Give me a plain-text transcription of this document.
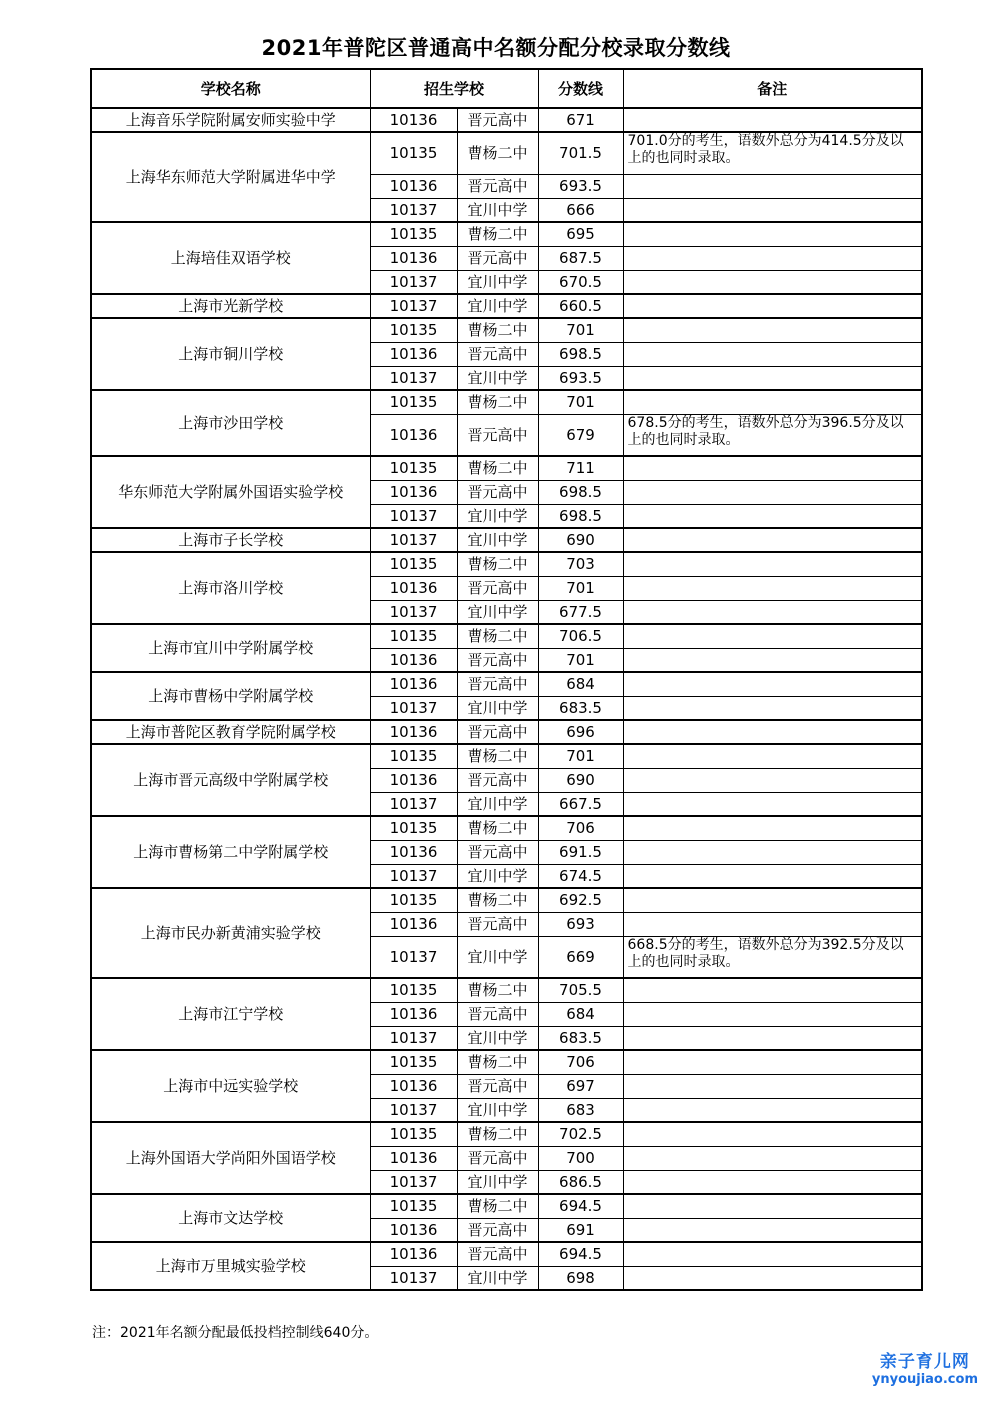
2021年普陀区普通高中名额分配分校录取分数线
学校名称	招生学校		分数线	备注
上海音乐学院附属安师实验中学	10136	晋元高中	671	
上海华东师范大学附属进华中学	10135	曹杨二中	701.5	701.0分的考生，语数外总分为414.5分及以上的也同时录取。
	10136	晋元高中	693.5	
	10137	宜川中学	666	
上海培佳双语学校	10135	曹杨二中	695	
	10136	晋元高中	687.5	
	10137	宜川中学	670.5	
上海市光新学校	10137	宜川中学	660.5	
上海市铜川学校	10135	曹杨二中	701	
	10136	晋元高中	698.5	
	10137	宜川中学	693.5	
上海市沙田学校	10135	曹杨二中	701	
	10136	晋元高中	679	678.5分的考生，语数外总分为396.5分及以上的也同时录取。
华东师范大学附属外国语实验学校	10135	曹杨二中	711	
	10136	晋元高中	698.5	
	10137	宜川中学	698.5	
上海市子长学校	10137	宜川中学	690	
上海市洛川学校	10135	曹杨二中	703	
	10136	晋元高中	701	
	10137	宜川中学	677.5	
上海市宜川中学附属学校	10135	曹杨二中	706.5	
	10136	晋元高中	701	
上海市曹杨中学附属学校	10136	晋元高中	684	
	10137	宜川中学	683.5	
上海市普陀区教育学院附属学校	10136	晋元高中	696	
上海市晋元高级中学附属学校	10135	曹杨二中	701	
	10136	晋元高中	690	
	10137	宜川中学	667.5	
上海市曹杨第二中学附属学校	10135	曹杨二中	706	
	10136	晋元高中	691.5	
	10137	宜川中学	674.5	
上海市民办新黄浦实验学校	10135	曹杨二中	692.5	
	10136	晋元高中	693	
	10137	宜川中学	669	668.5分的考生，语数外总分为392.5分及以上的也同时录取。
上海市江宁学校	10135	曹杨二中	705.5	
	10136	晋元高中	684	
	10137	宜川中学	683.5	
上海市中远实验学校	10135	曹杨二中	706	
	10136	晋元高中	697	
	10137	宜川中学	683	
上海外国语大学尚阳外国语学校	10135	曹杨二中	702.5	
	10136	晋元高中	700	
	10137	宜川中学	686.5	
上海市文达学校	10135	曹杨二中	694.5	
	10136	晋元高中	691	
上海市万里城实验学校	10136	晋元高中	694.5	
	10137	宜川中学	698	
注：2021年名额分配最低投档控制线640分。
亲子育儿网
ynyoujiao.com
